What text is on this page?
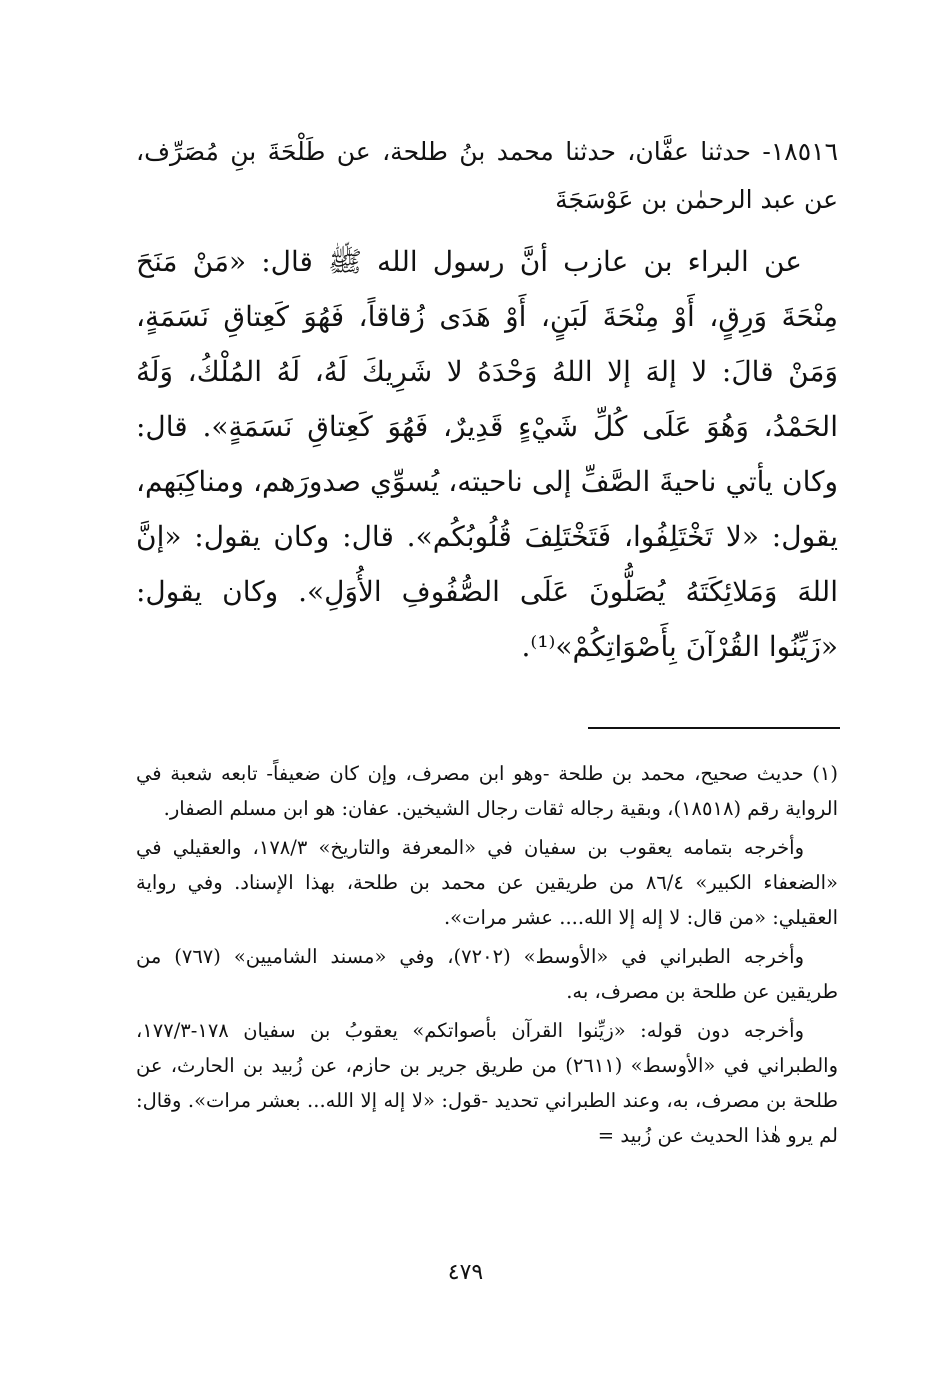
١٨٥١٦- حدثنا عفَّان، حدثنا محمد بنُ طلحة، عن طَلْحَةَ بنِ مُصَرِّف، عن عبد الرحمٰن بن عَوْسَجَةَ

عن البراء بن عازب أنَّ رسول الله ﷺ قال: «مَنْ مَنَحَ مِنْحَةَ وَرِقٍ، أَوْ مِنْحَةَ لَبَنٍ، أَوْ هَدَى زُقاقاً، فَهُوَ كَعِتاقِ نَسَمَةٍ، وَمَنْ قالَ: لا إلهَ إلا اللهُ وَحْدَهُ لا شَرِيكَ لَهُ، لَهُ المُلْكُ، وَلَهُ الحَمْدُ، وَهُوَ عَلَى كُلِّ شَيْءٍ قَدِيرٌ، فَهُوَ كَعِتاقِ نَسَمَةٍ». قال: وكان يأتي ناحيةَ الصَّفِّ إلى ناحيته، يُسوِّي صدورَهم، ومناكِبَهم، يقول: «لا تَخْتَلِفُوا، فَتَخْتَلِفَ قُلُوبُكُم». قال: وكان يقول: «إنَّ اللهَ وَمَلائِكَتَهُ يُصَلُّونَ عَلَى الصُّفُوفِ الأُوَلِ». وكان يقول: «زَيِّنُوا القُرْآنَ بِأَصْوَاتِكُمْ»⁽¹⁾.

(١) حديث صحيح، محمد بن طلحة -وهو ابن مصرف، وإن كان ضعيفاً- تابعه شعبة في الرواية رقم (١٨٥١٨)، وبقية رجاله ثقات رجال الشيخين. عفان: هو ابن مسلم الصفار.

وأخرجه بتمامه يعقوب بن سفيان في «المعرفة والتاريخ» ١٧٨/٣، والعقيلي في «الضعفاء الكبير» ٨٦/٤ من طريقين عن محمد بن طلحة، بهذا الإسناد. وفي رواية العقيلي: «من قال: لا إله إلا الله.... عشر مرات».

وأخرجه الطبراني في «الأوسط» (٧٢٠٢)، وفي «مسند الشاميين» (٧٦٧) من طريقين عن طلحة بن مصرف، به.

وأخرجه دون قوله: «زيِّنوا القرآن بأصواتكم» يعقوبُ بن سفيان ١٧٨-١٧٧/٣، والطبراني في «الأوسط» (٢٦١١) من طريق جرير بن حازم، عن زُبيد بن الحارث، عن طلحة بن مصرف، به، وعند الطبراني تحديد -قول: «لا إله إلا الله... بعشر مرات». وقال: لم يرو هٰذا الحديث عن زُبيد =

٤٧٩
